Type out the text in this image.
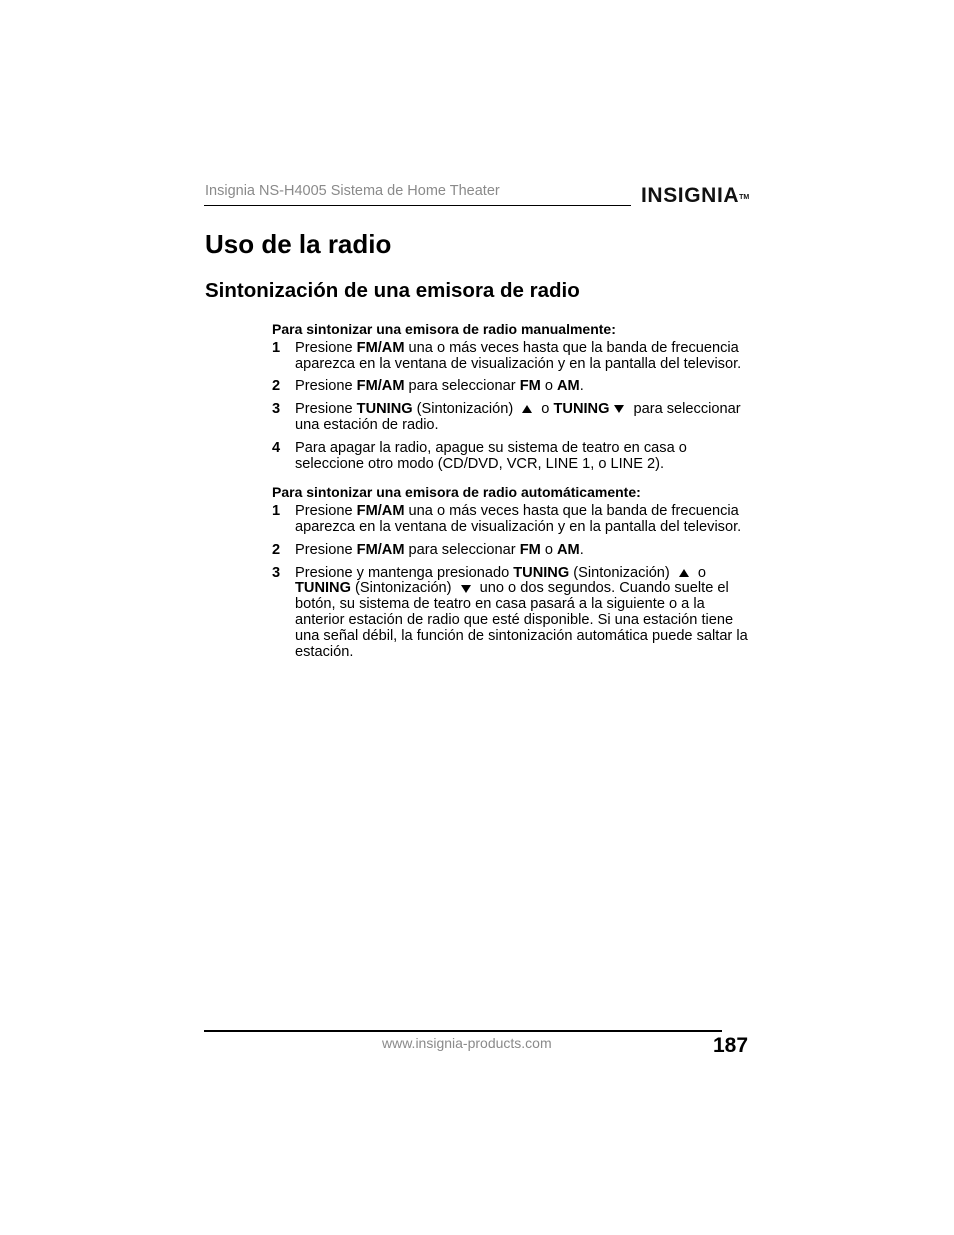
Insignia NS-H4005 Sistema de Home Theater	INSIGNIA™
Uso de la radio
Sintonización de una emisora de radio
Para sintonizar una emisora de radio manualmente:
1 Presione FM/AM una o más veces hasta que la banda de frecuencia aparezca en la ventana de visualización y en la pantalla del televisor.
2 Presione FM/AM para seleccionar FM o AM.
3 Presione TUNING (Sintonización)  o TUNING para seleccionar una estación de radio.
4 Para apagar la radio, apague su sistema de teatro en casa o seleccione otro modo (CD/DVD, VCR, LINE 1, o LINE 2).
Para sintonizar una emisora de radio automáticamente:
1 Presione FM/AM una o más veces hasta que la banda de frecuencia aparezca en la ventana de visualización y en la pantalla del televisor.
2 Presione FM/AM para seleccionar FM o AM.
3 Presione y mantenga presionado TUNING (Sintonización)  o TUNING (Sintonización)  uno o dos segundos. Cuando suelte el botón, su sistema de teatro en casa pasará a la siguiente o a la anterior estación de radio que esté disponible. Si una estación tiene una señal débil, la función de sintonización automática puede saltar la estación.
www.insignia-products.com	187
